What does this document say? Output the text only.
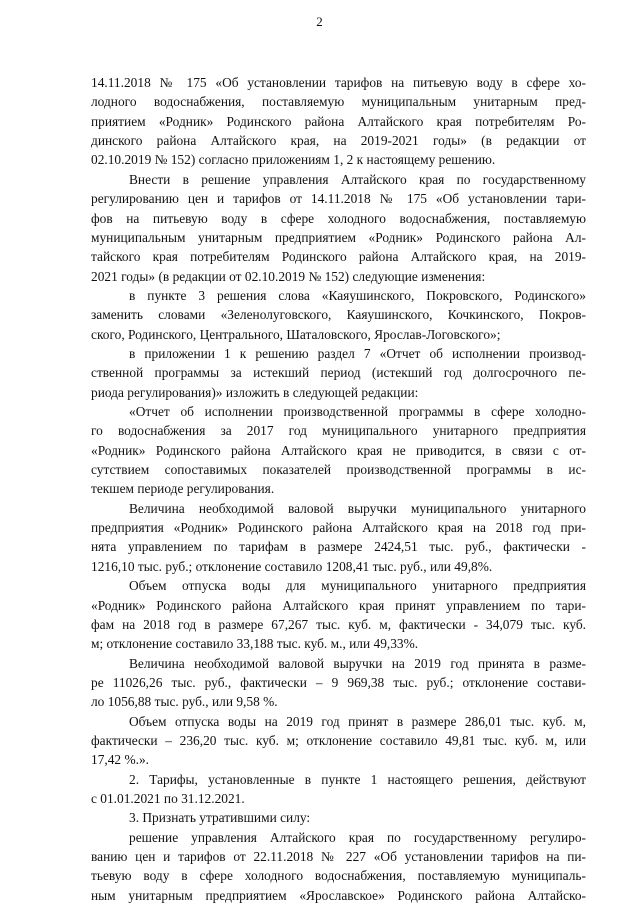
2
14.11.2018 № 175 «Об установлении тарифов на питьевую воду в сфере хо-
лодного водоснабжения, поставляемую муниципальным унитарным пред-
приятием «Родник» Родинского района Алтайского края потребителям Ро-
динского района Алтайского края, на 2019-2021 годы» (в редакции от
02.10.2019 № 152) согласно приложениям 1, 2 к настоящему решению.
Внести в решение управления Алтайского края по государственному
регулированию цен и тарифов от 14.11.2018 № 175 «Об установлении тари-
фов на питьевую воду в сфере холодного водоснабжения, поставляемую
муниципальным унитарным предприятием «Родник» Родинского района Ал-
тайского края потребителям Родинского района Алтайского края, на 2019-
2021 годы» (в редакции от 02.10.2019 № 152) следующие изменения:
в пункте 3 решения слова «Каяушинского, Покровского, Родинского»
заменить словами «Зеленолуговского, Каяушинского, Кочкинского, Покров-
ского, Родинского, Центрального, Шаталовского, Ярослав-Логовского»;
в приложении 1 к решению раздел 7 «Отчет об исполнении производ-
ственной программы за истекший период (истекший год долгосрочного пе-
риода регулирования)» изложить в следующей редакции:
«Отчет об исполнении производственной программы в сфере холодно-
го водоснабжения за 2017 год муниципального унитарного предприятия
«Родник» Родинского района Алтайского края не приводится, в связи с от-
сутствием сопоставимых показателей производственной программы в ис-
текшем периоде регулирования.
Величина необходимой валовой выручки муниципального унитарного
предприятия «Родник» Родинского района Алтайского края на 2018 год при-
нята управлением по тарифам в размере 2424,51 тыс. руб., фактически -
1216,10 тыс. руб.; отклонение составило 1208,41 тыс. руб., или 49,8%.
Объем отпуска воды для муниципального унитарного предприятия
«Родник» Родинского района Алтайского края принят управлением по тари-
фам на 2018 год в размере 67,267 тыс. куб. м, фактически - 34,079 тыс. куб.
м; отклонение составило 33,188 тыс. куб. м., или 49,33%.
Величина необходимой валовой выручки на 2019 год принята в разме-
ре 11026,26 тыс. руб., фактически – 9 969,38 тыс. руб.; отклонение состави-
ло 1056,88 тыс. руб., или 9,58 %.
Объем отпуска воды на 2019 год принят в размере 286,01 тыс. куб. м,
фактически – 236,20 тыс. куб. м; отклонение составило 49,81 тыс. куб. м, или
17,42 %.».
2. Тарифы, установленные в пункте 1 настоящего решения, действуют
с 01.01.2021 по 31.12.2021.
3. Признать утратившими силу:
решение управления Алтайского края по государственному регулиро-
ванию цен и тарифов от 22.11.2018 № 227 «Об установлении тарифов на пи-
тьевую воду в сфере холодного водоснабжения, поставляемую муниципаль-
ным унитарным предприятием «Ярославское» Родинского района Алтайско-
